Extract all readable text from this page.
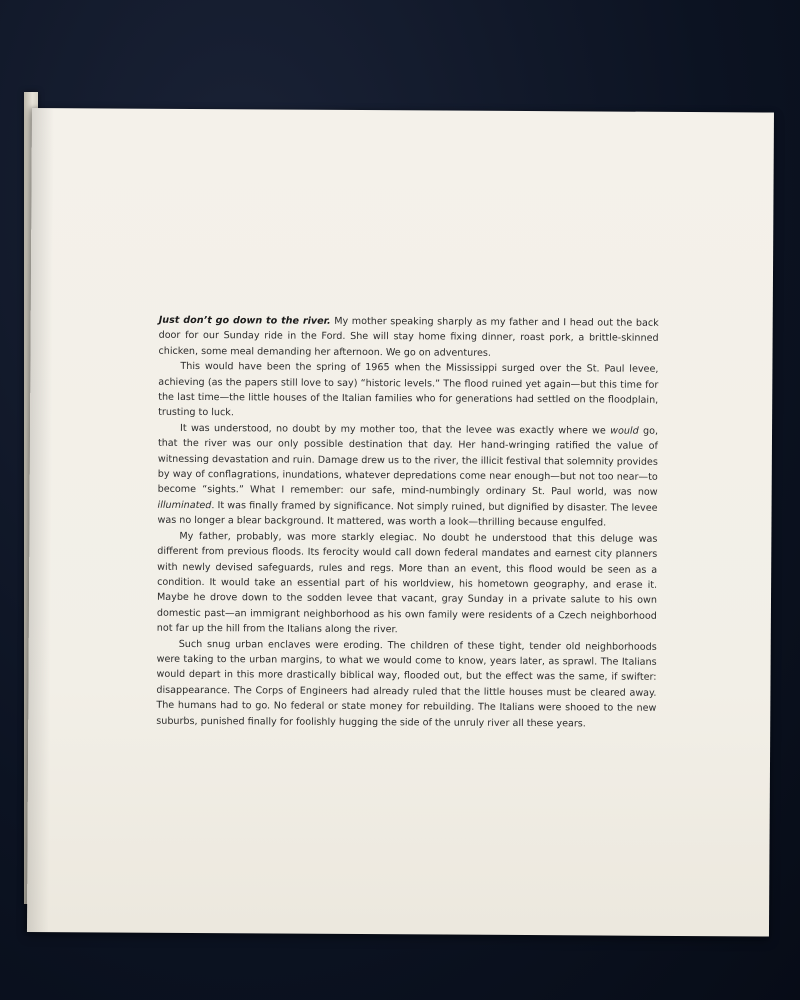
Just don’t go down to the river. My mother speaking sharply as my father and I head out the back door for our Sunday ride in the Ford. She will stay home fixing dinner, roast pork, a brittle-skinned chicken, some meal demanding her afternoon. We go on adventures.

This would have been the spring of 1965 when the Mississippi surged over the St. Paul levee, achieving (as the papers still love to say) “historic levels.” The flood ruined yet again—but this time for the last time—the little houses of the Italian families who for generations had settled on the floodplain, trusting to luck.

It was understood, no doubt by my mother too, that the levee was exactly where we would go, that the river was our only possible destination that day. Her hand-wringing ratified the value of witnessing devastation and ruin. Damage drew us to the river, the illicit festival that solemnity provides by way of conflagrations, inundations, whatever depredations come near enough—but not too near—to become “sights.” What I remember: our safe, mind-numbingly ordinary St. Paul world, was now illuminated. It was finally framed by significance. Not simply ruined, but dignified by disaster. The levee was no longer a blear background. It mattered, was worth a look—thrilling because engulfed.

My father, probably, was more starkly elegiac. No doubt he understood that this deluge was different from previous floods. Its ferocity would call down federal mandates and earnest city planners with newly devised safeguards, rules and regs. More than an event, this flood would be seen as a condition. It would take an essential part of his worldview, his hometown geography, and erase it. Maybe he drove down to the sodden levee that vacant, gray Sunday in a private salute to his own domestic past—an immigrant neighborhood as his own family were residents of a Czech neighborhood not far up the hill from the Italians along the river.

Such snug urban enclaves were eroding. The children of these tight, tender old neighborhoods were taking to the urban margins, to what we would come to know, years later, as sprawl. The Italians would depart in this more drastically biblical way, flooded out, but the effect was the same, if swifter: disappearance. The Corps of Engineers had already ruled that the little houses must be cleared away. The humans had to go. No federal or state money for rebuilding. The Italians were shooed to the new suburbs, punished finally for foolishly hugging the side of the unruly river all these years.
